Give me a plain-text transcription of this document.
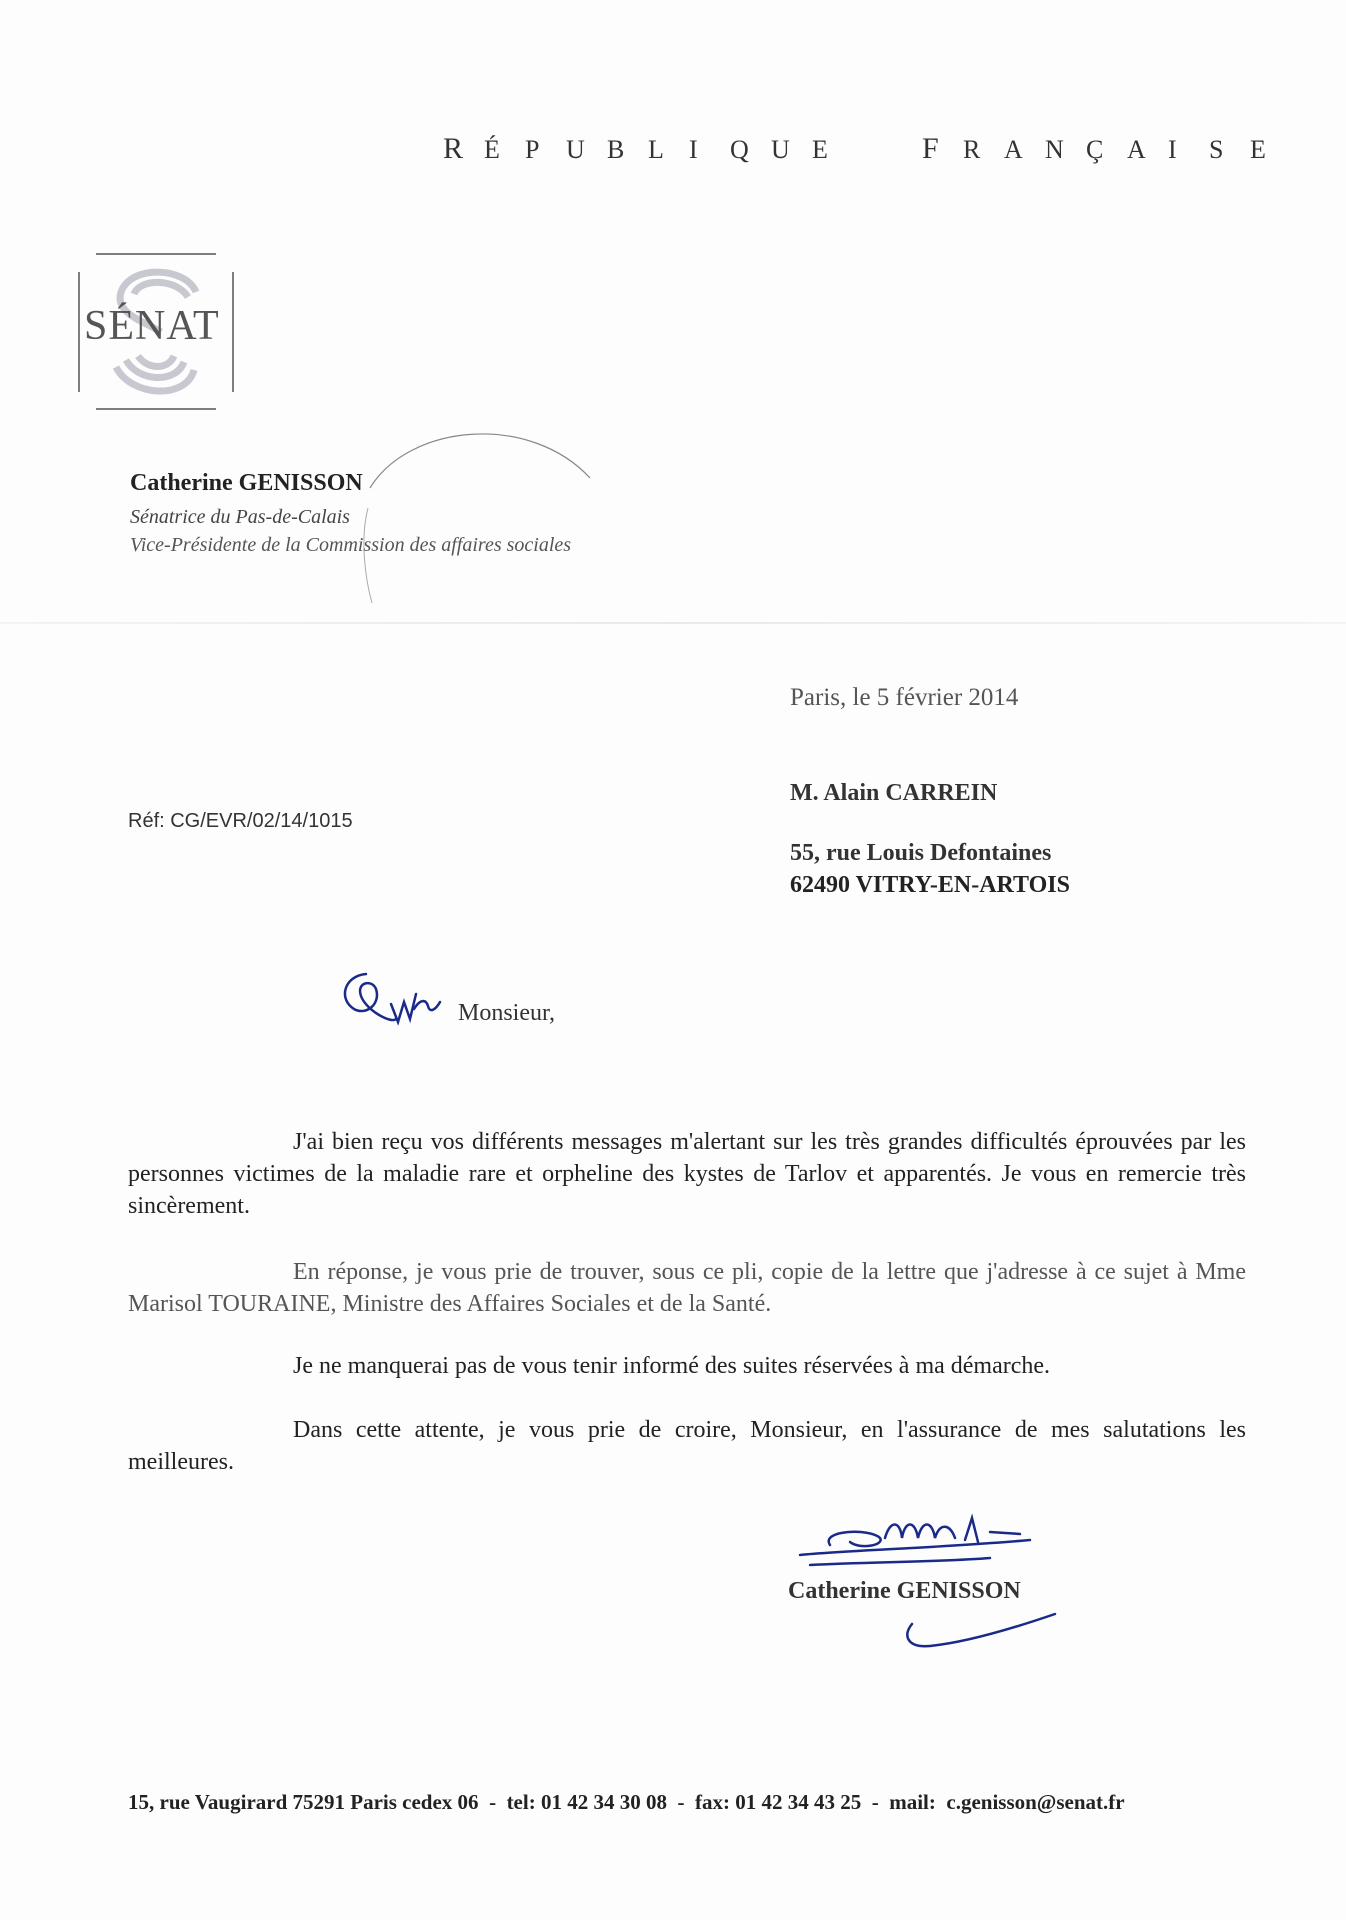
R É P U B L I Q U E
	F R A N Ç A I S E

SÉNAT
Catherine GENISSON
Sénatrice du Pas-de-Calais
Vice-Présidente de la Commission des affaires sociales
Paris, le 5 février 2014
M. Alain CARREIN
Réf: CG/EVR/02/14/1015
55, rue Louis Defontaines
62490 VITRY-EN-ARTOIS
Monsieur,
J'ai bien reçu vos différents messages m'alertant sur les très grandes difficultés éprouvées par les personnes victimes de la maladie rare et orpheline des kystes de Tarlov et apparentés. Je vous en remercie très sincèrement.
En réponse, je vous prie de trouver, sous ce pli, copie de la lettre que j'adresse à ce sujet à Mme Marisol TOURAINE, Ministre des Affaires Sociales et de la Santé.
Je ne manquerai pas de vous tenir informé des suites réservées à ma démarche.
Dans cette attente, je vous prie de croire, Monsieur, en l'assurance de mes salutations les meilleures.
Catherine GENISSON
15, rue Vaugirard 75291 Paris cedex 06 -  tel: 01 42 34 30 08 -  fax: 01 42 34 43 25 -  mail:  c.genisson@senat.fr
